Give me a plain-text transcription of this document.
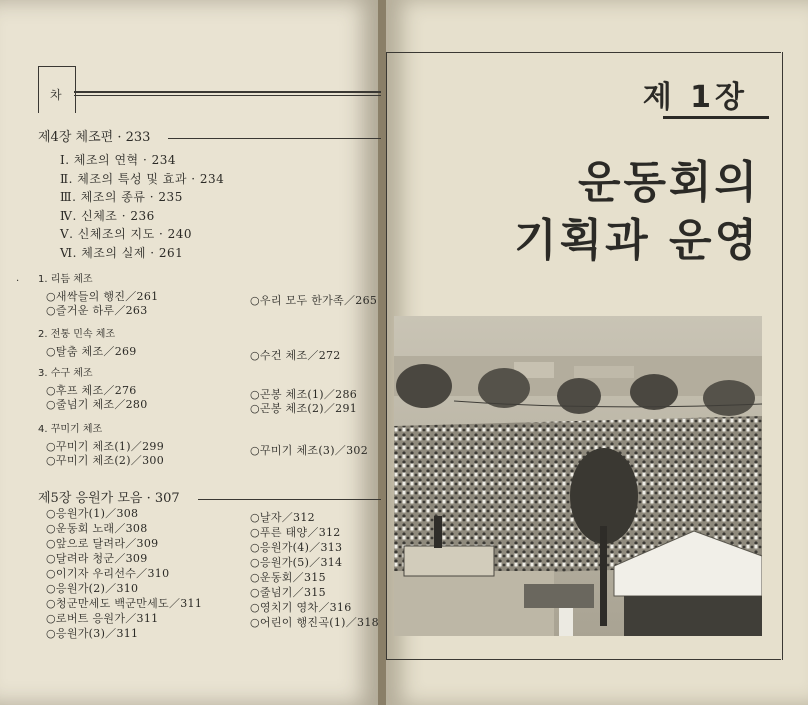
차
제4장 체조편 · 233
Ⅰ. 체조의 연혁 · 234
Ⅱ. 체조의 특성 및 효과 · 234
Ⅲ. 체조의 종류 · 235
Ⅳ. 신체조 · 236
Ⅴ. 신체조의 지도 · 240
Ⅵ. 체조의 실제 · 261
. 1. 리듬 체조
○새싹들의 행진／261
○즐거운 하루／263
○우리 모두 한가족／265
2. 전통 민속 체조
○탈춤 체조／269	○수건 체조／272
3. 수구 체조
○후프 체조／276
○줄넘기 체조／280
○곤봉 체조(1)／286
○곤봉 체조(2)／291
4. 꾸미기 체조
○꾸미기 체조(1)／299
○꾸미기 체조(2)／300
○꾸미기 체조(3)／302
제5장 응원가 모음 · 307
○응원가(1)／308
○운동회 노래／308
○앞으로 달려라／309
○달려라 청군／309
○이기자 우리선수／310
○응원가(2)／310
○청군만세도 백군만세도／311
○로버트 응원가／311
○응원가(3)／311
○날자／312
○푸른 태양／312
○응원가(4)／313
○응원가(5)／314
○운동회／315
○줄넘기／315
○영치기 영차／316
○어린이 행진곡(1)／318
제 1장
운동회의
기획과 운영
